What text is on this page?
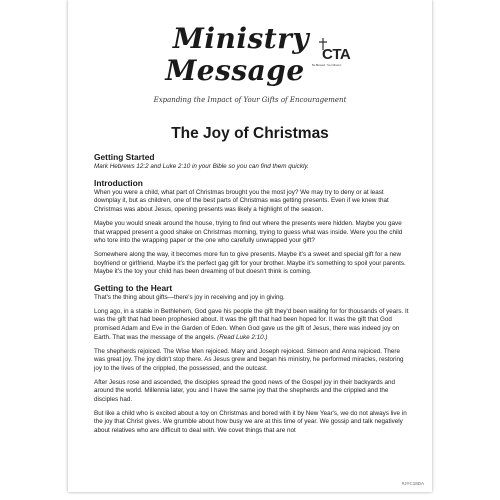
Ministry
Message	CTA
Be Blessed. Your Mission
Expanding the Impact of Your Gifts of Encouragement
The Joy of Christmas
Getting Started

Mark Hebrews 12:2 and Luke 2:10 in your Bible so you can find them quickly.

Introduction

When you were a child, what part of Christmas brought you the most joy? We may try to deny or at least downplay it, but as children, one of the best parts of Christmas was getting presents. Even if we knew that Christmas was about Jesus, opening presents was likely a highlight of the season.

Maybe you would sneak around the house, trying to find out where the presents were hidden. Maybe you gave that wrapped present a good shake on Christmas morning, trying to guess what was inside. Were you the child who tore into the wrapping paper or the one who carefully unwrapped your gift?

Somewhere along the way, it becomes more fun to give presents. Maybe it's a sweet and special gift for a new boyfriend or girlfriend. Maybe it's the perfect gag gift for your brother. Maybe it's something to spoil your parents. Maybe it's the toy your child has been dreaming of but doesn't think is coming.

Getting to the Heart

That's the thing about gifts—there's joy in receiving and joy in giving.

Long ago, in a stable in Bethlehem, God gave his people the gift they'd been waiting for for thousands of years. It was the gift that had been prophesied about. It was the gift that had been hoped for. It was the gift that God promised Adam and Eve in the Garden of Eden. When God gave us the gift of Jesus, there was indeed joy on Earth. That was the message of the angels. (Read Luke 2:10.)

The shepherds rejoiced. The Wise Men rejoiced. Mary and Joseph rejoiced. Simeon and Anna rejoiced. There was great joy. The joy didn't stop there. As Jesus grew and began his ministry, he performed miracles, restoring joy to the lives of the crippled, the possessed, and the outcast.

After Jesus rose and ascended, the disciples spread the good news of the Gospel joy in their backyards and around the world. Millennia later, you and I have the same joy that the shepherds and the crippled and the disciples had.

But like a child who is excited about a toy on Christmas and bored with it by New Year's, we do not always live in the joy that Christ gives. We grumble about how busy we are at this time of year. We gossip and talk negatively about relatives who are difficult to deal with. We covet things that are not

#JYC18DA
